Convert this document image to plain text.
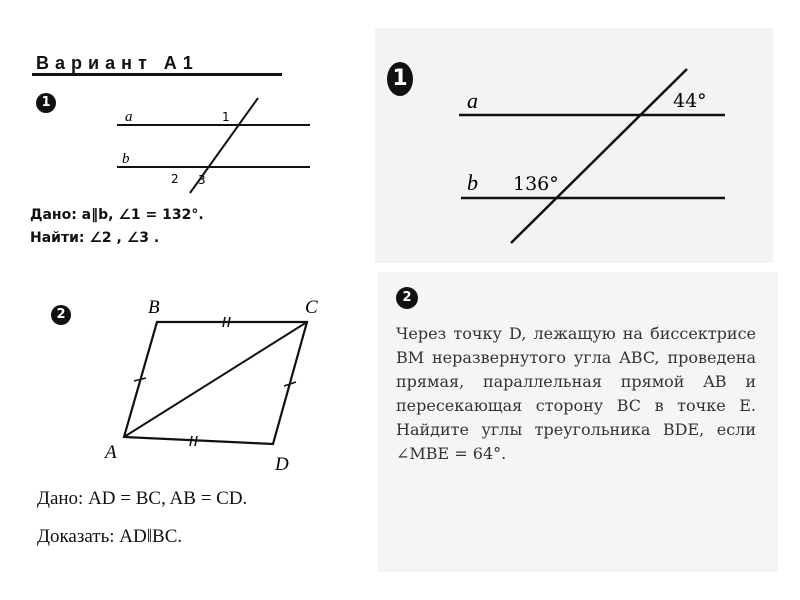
Вариант А1
1
a
b
1
2 3
Дано: a‖b, ∠1 = 132°.
Найти: ∠2 , ∠3 .
1
a
b
44°
136°
2
A
B	C
D
Дано: AD = BC, AB = CD.
Доказать: AD‖BC.
2
Через точку D, лежащую на биссектрисе BM неразвернутого угла ABC, проведена прямая, параллельная прямой AB и пересекающая сторону BC в точке E. Найдите углы треугольника BDE, если ∠MBE = 64°.
